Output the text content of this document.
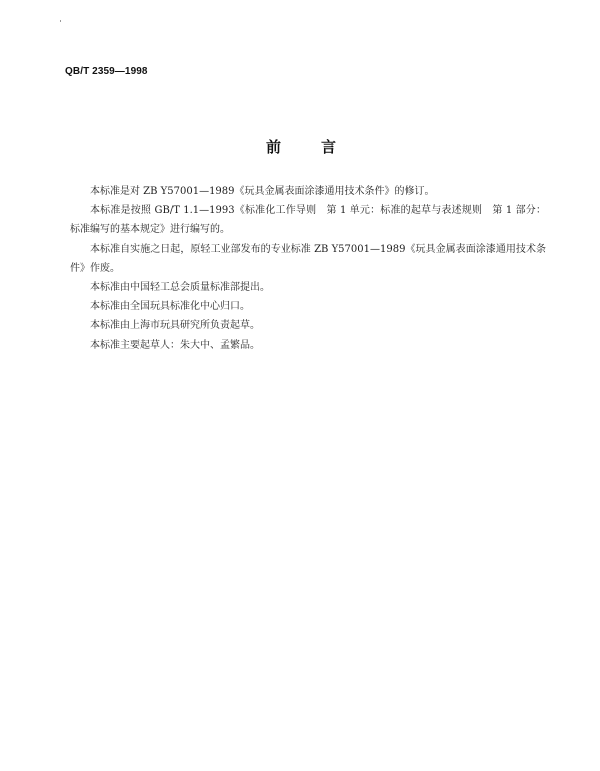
QB/T 2359—1998
前	言

本标准是对 ZB Y57001—1989《玩具金属表面涂漆通用技术条件》的修订。

本标准是按照 GB/T 1.1—1993《标准化工作导则　第 1 单元：标准的起草与表述规则　第 1 部分：标准编写的基本规定》进行编写的。

本标准自实施之日起，原轻工业部发布的专业标准 ZB Y57001—1989《玩具金属表面涂漆通用技术条件》作废。

本标准由中国轻工总会质量标准部提出。

本标准由全国玩具标准化中心归口。

本标准由上海市玩具研究所负责起草。

本标准主要起草人：朱大中、孟繁品。
